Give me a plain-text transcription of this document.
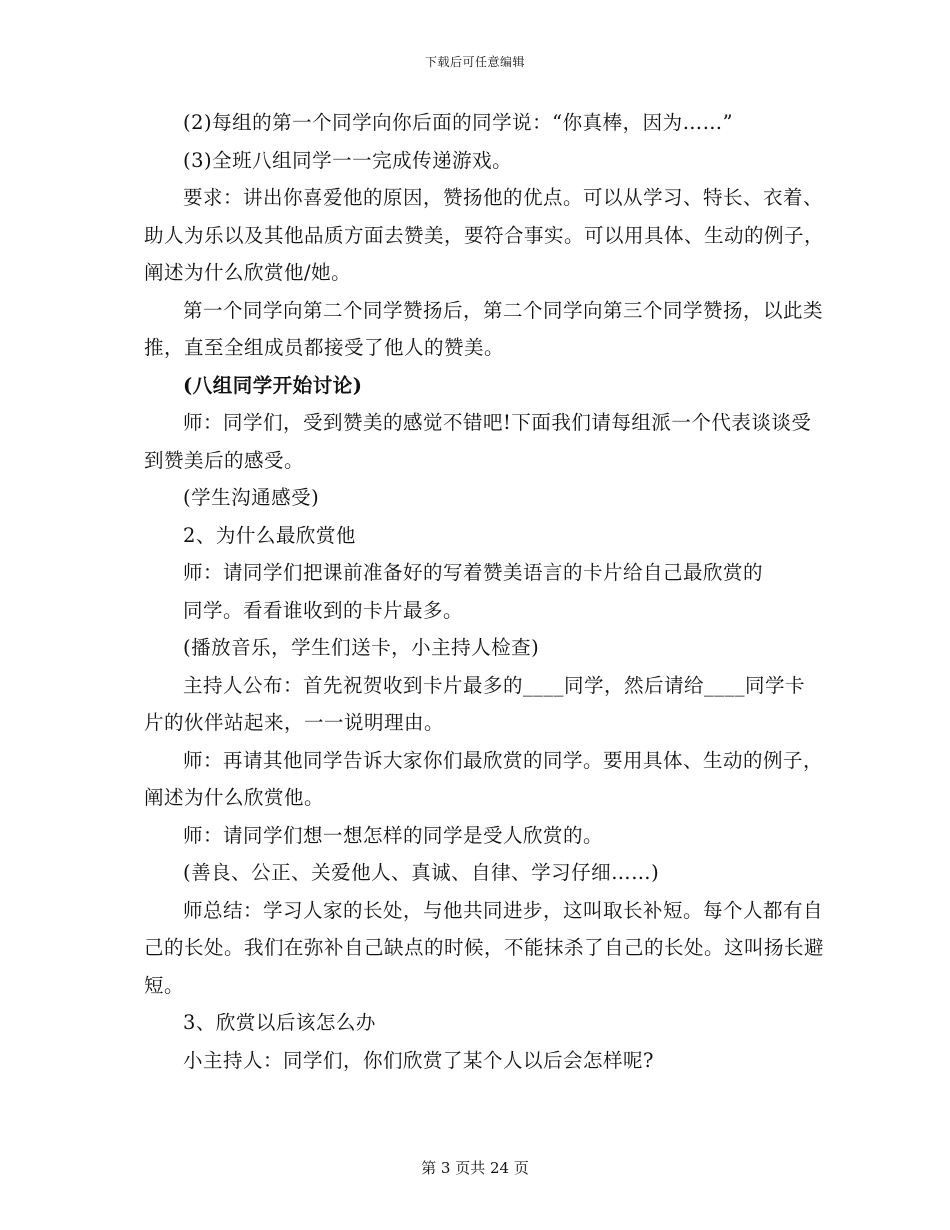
下载后可任意编辑

(2)每组的第一个同学向你后面的同学说：“你真棒，因为……”

(3)全班八组同学一一完成传递游戏。

要求：讲出你喜爱他的原因，赞扬他的优点。可以从学习、特长、衣着、助人为乐以及其他品质方面去赞美，要符合事实。可以用具体、生动的例子，阐述为什么欣赏他/她。

第一个同学向第二个同学赞扬后，第二个同学向第三个同学赞扬，以此类推，直至全组成员都接受了他人的赞美。

(八组同学开始讨论)

师：同学们，受到赞美的感觉不错吧!下面我们请每组派一个代表谈谈受到赞美后的感受。

(学生沟通感受)

2、为什么最欣赏他

师：请同学们把课前准备好的写着赞美语言的卡片给自己最欣赏的

同学。看看谁收到的卡片最多。

(播放音乐，学生们送卡，小主持人检查)

主持人公布：首先祝贺收到卡片最多的____同学，然后请给____同学卡片的伙伴站起来，一一说明理由。

师：再请其他同学告诉大家你们最欣赏的同学。要用具体、生动的例子，阐述为什么欣赏他。

师：请同学们想一想怎样的同学是受人欣赏的。

(善良、公正、关爱他人、真诚、自律、学习仔细……)

师总结：学习人家的长处，与他共同进步，这叫取长补短。每个人都有自己的长处。我们在弥补自己缺点的时候，不能抹杀了自己的长处。这叫扬长避短。

3、欣赏以后该怎么办

小主持人：同学们，你们欣赏了某个人以后会怎样呢?

第 3 页共 24 页
